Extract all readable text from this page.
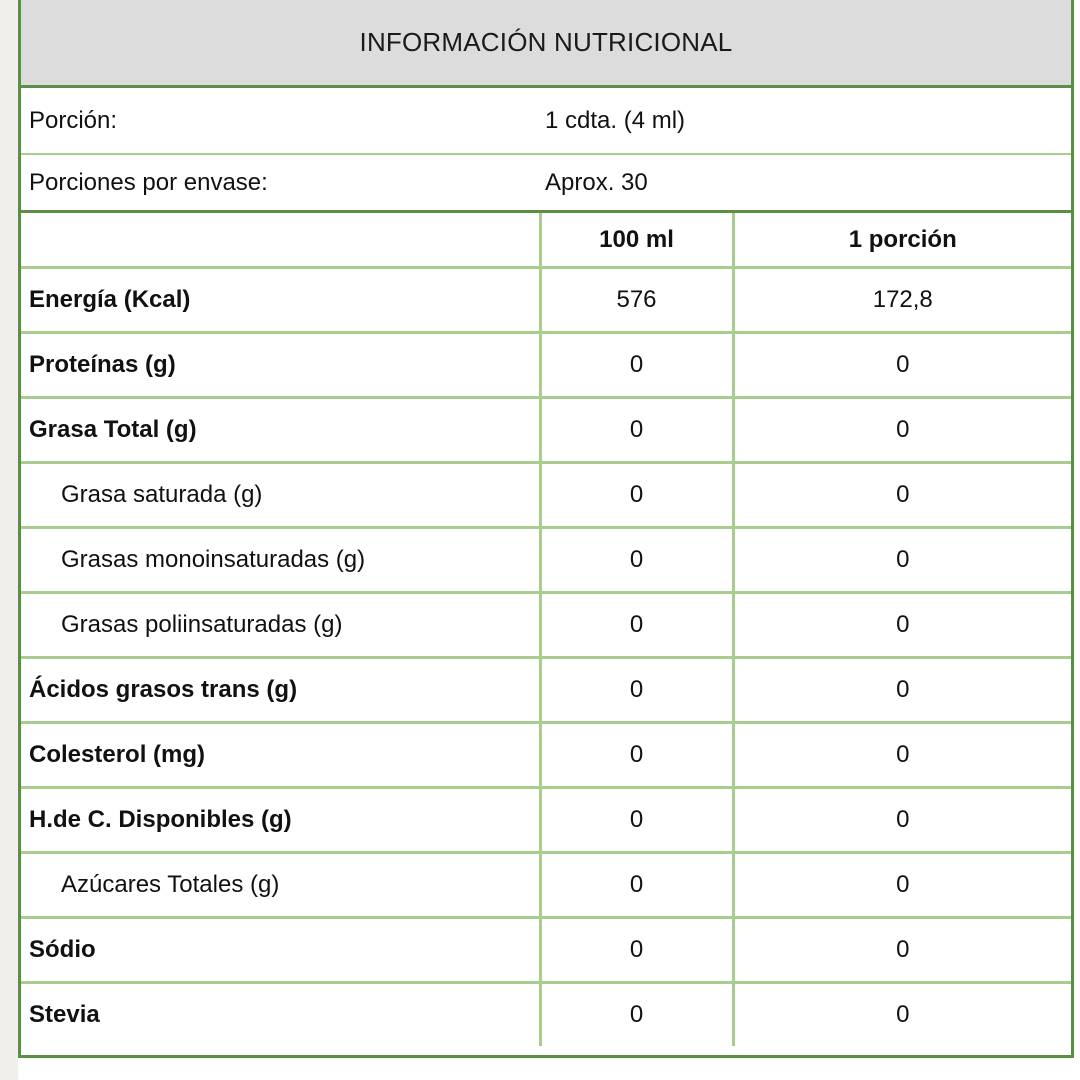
INFORMACIÓN NUTRICIONAL
Porción:	1 cdta. (4 ml)
Porciones por envase:	Aprox. 30
	100 ml	1 porción
Energía (Kcal)	576	172,8
Proteínas (g)	0	0
Grasa Total (g)	0	0
Grasa saturada (g)	0	0
Grasas monoinsaturadas (g)	0	0
Grasas poliinsaturadas (g)	0	0
Ácidos grasos trans (g)	0	0
Colesterol (mg)	0	0
H.de C. Disponibles (g)	0	0
Azúcares Totales (g)	0	0
Sódio	0	0
Stevia	0	0
